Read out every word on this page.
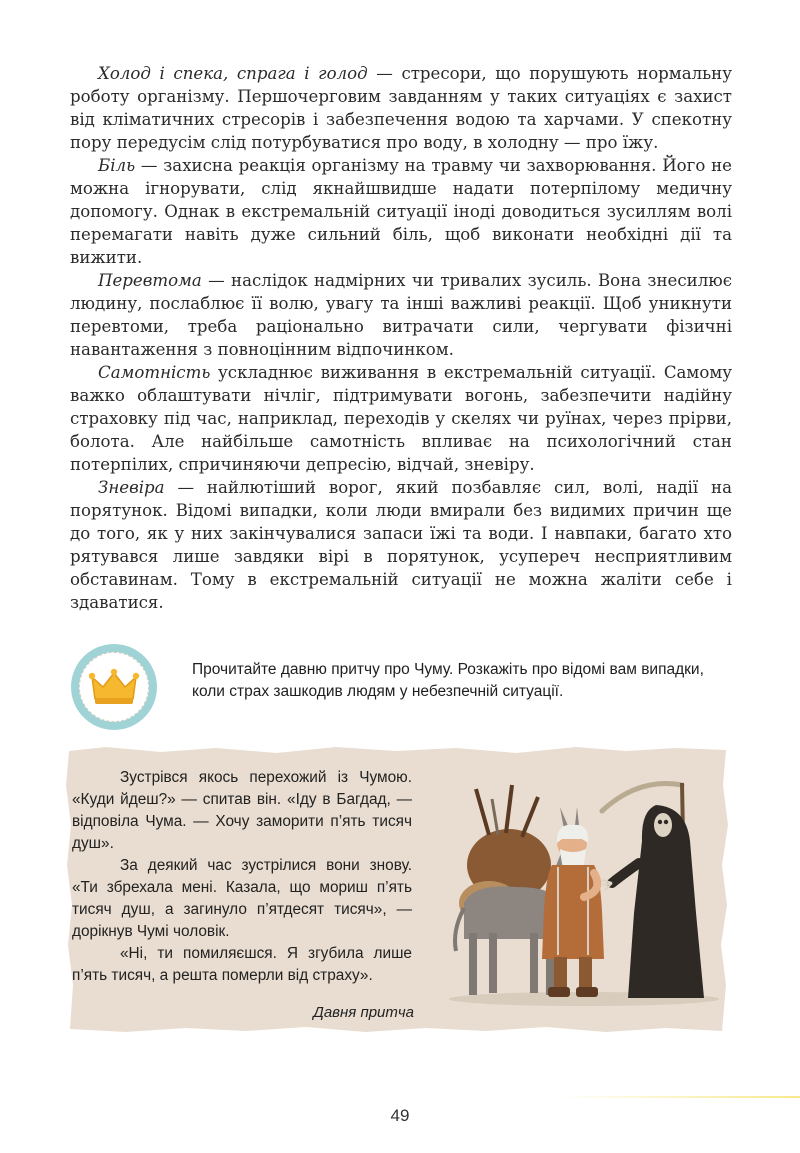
Холод і спека, спрага і голод — стресори, що порушують нормальну роботу організму. Першочерговим завданням у таких ситуаціях є захист від кліматичних стресорів і забезпечення водою та харчами. У спекотну пору передусім слід потурбуватися про воду, в холодну — про їжу.

Біль — захисна реакція організму на травму чи захворювання. Його не можна ігнорувати, слід якнайшвидше надати потерпілому медичну допомогу. Однак в екстремальній ситуації іноді доводиться зусиллям волі перемагати навіть дуже сильний біль, щоб виконати необхідні дії та вижити.

Перевтома — наслідок надмірних чи тривалих зусиль. Вона знесилює людину, послаблює її волю, увагу та інші важливі реакції. Щоб уникнути перевтоми, треба раціонально витрачати сили, чергувати фізичні навантаження з повноцінним відпочинком.

Самотність ускладнює виживання в екстремальній ситуації. Самому важко облаштувати нічліг, підтримувати вогонь, забезпечити надійну страховку під час, наприклад, переходів у скелях чи руїнах, через прірви, болота. Але найбільше самотність впливає на психологічний стан потерпілих, спричиняючи депресію, відчай, зневіру.

Зневіра — найлютіший ворог, який позбавляє сил, волі, надії на порятунок. Відомі випадки, коли люди вмирали без видимих причин ще до того, як у них закінчувалися запаси їжі та води. І навпаки, багато хто рятувався лише завдяки вірі в порятунок, усупереч несприятливим обставинам. Тому в екстремальній ситуації не можна жаліти себе і здаватися.

Прочитайте давню притчу про Чуму. Розкажіть про відомі вам випадки, коли страх зашкодив людям у небезпечній ситуації.

Зустрівся якось перехожий із Чумою. «Куди йдеш?» — спитав він. «Іду в Багдад, — відповіла Чума. — Хочу заморити п’ять тисяч душ».

За деякий час зустрілися вони знову. «Ти збрехала мені. Казала, що мориш п’ять тисяч душ, а загинуло п’ятдесят тисяч», — дорікнув Чумі чоловік.

«Ні, ти помиляєшся. Я згубила лише п’ять тисяч, а решта померли від страху».

Давня притча
49
